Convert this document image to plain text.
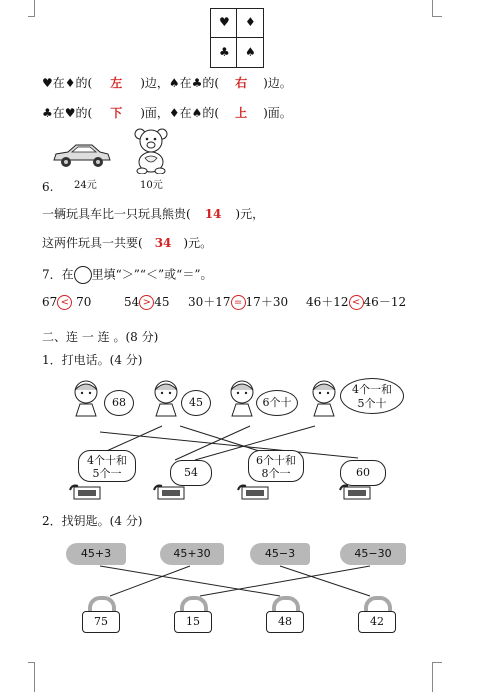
♥ ♦
♣ ♠
♥在♦的( 左 )边，♠在♣的( 右 )边。
♣在♥的( 下 )面，♦在♠的( 上 )面。
24元	10元
6.
一辆玩具车比一只玩具熊贵( 14 )元，
这两件玩具一共要( 34 )元。
7．在 里填“＞”“＜”或“＝”。
67 < 70	54 > 45 30＋17 = 17＋30 46＋12 < 46－12
二、连 一 连 。(8 分)
1．打电话。(4 分)
68	45	6个十
4个一和
5个十
4个十和
5个一	54
6个十和
8个一	60
2．找钥匙。(4 分)
45+3	45+30	45−3	45−30
75	15	48	42
